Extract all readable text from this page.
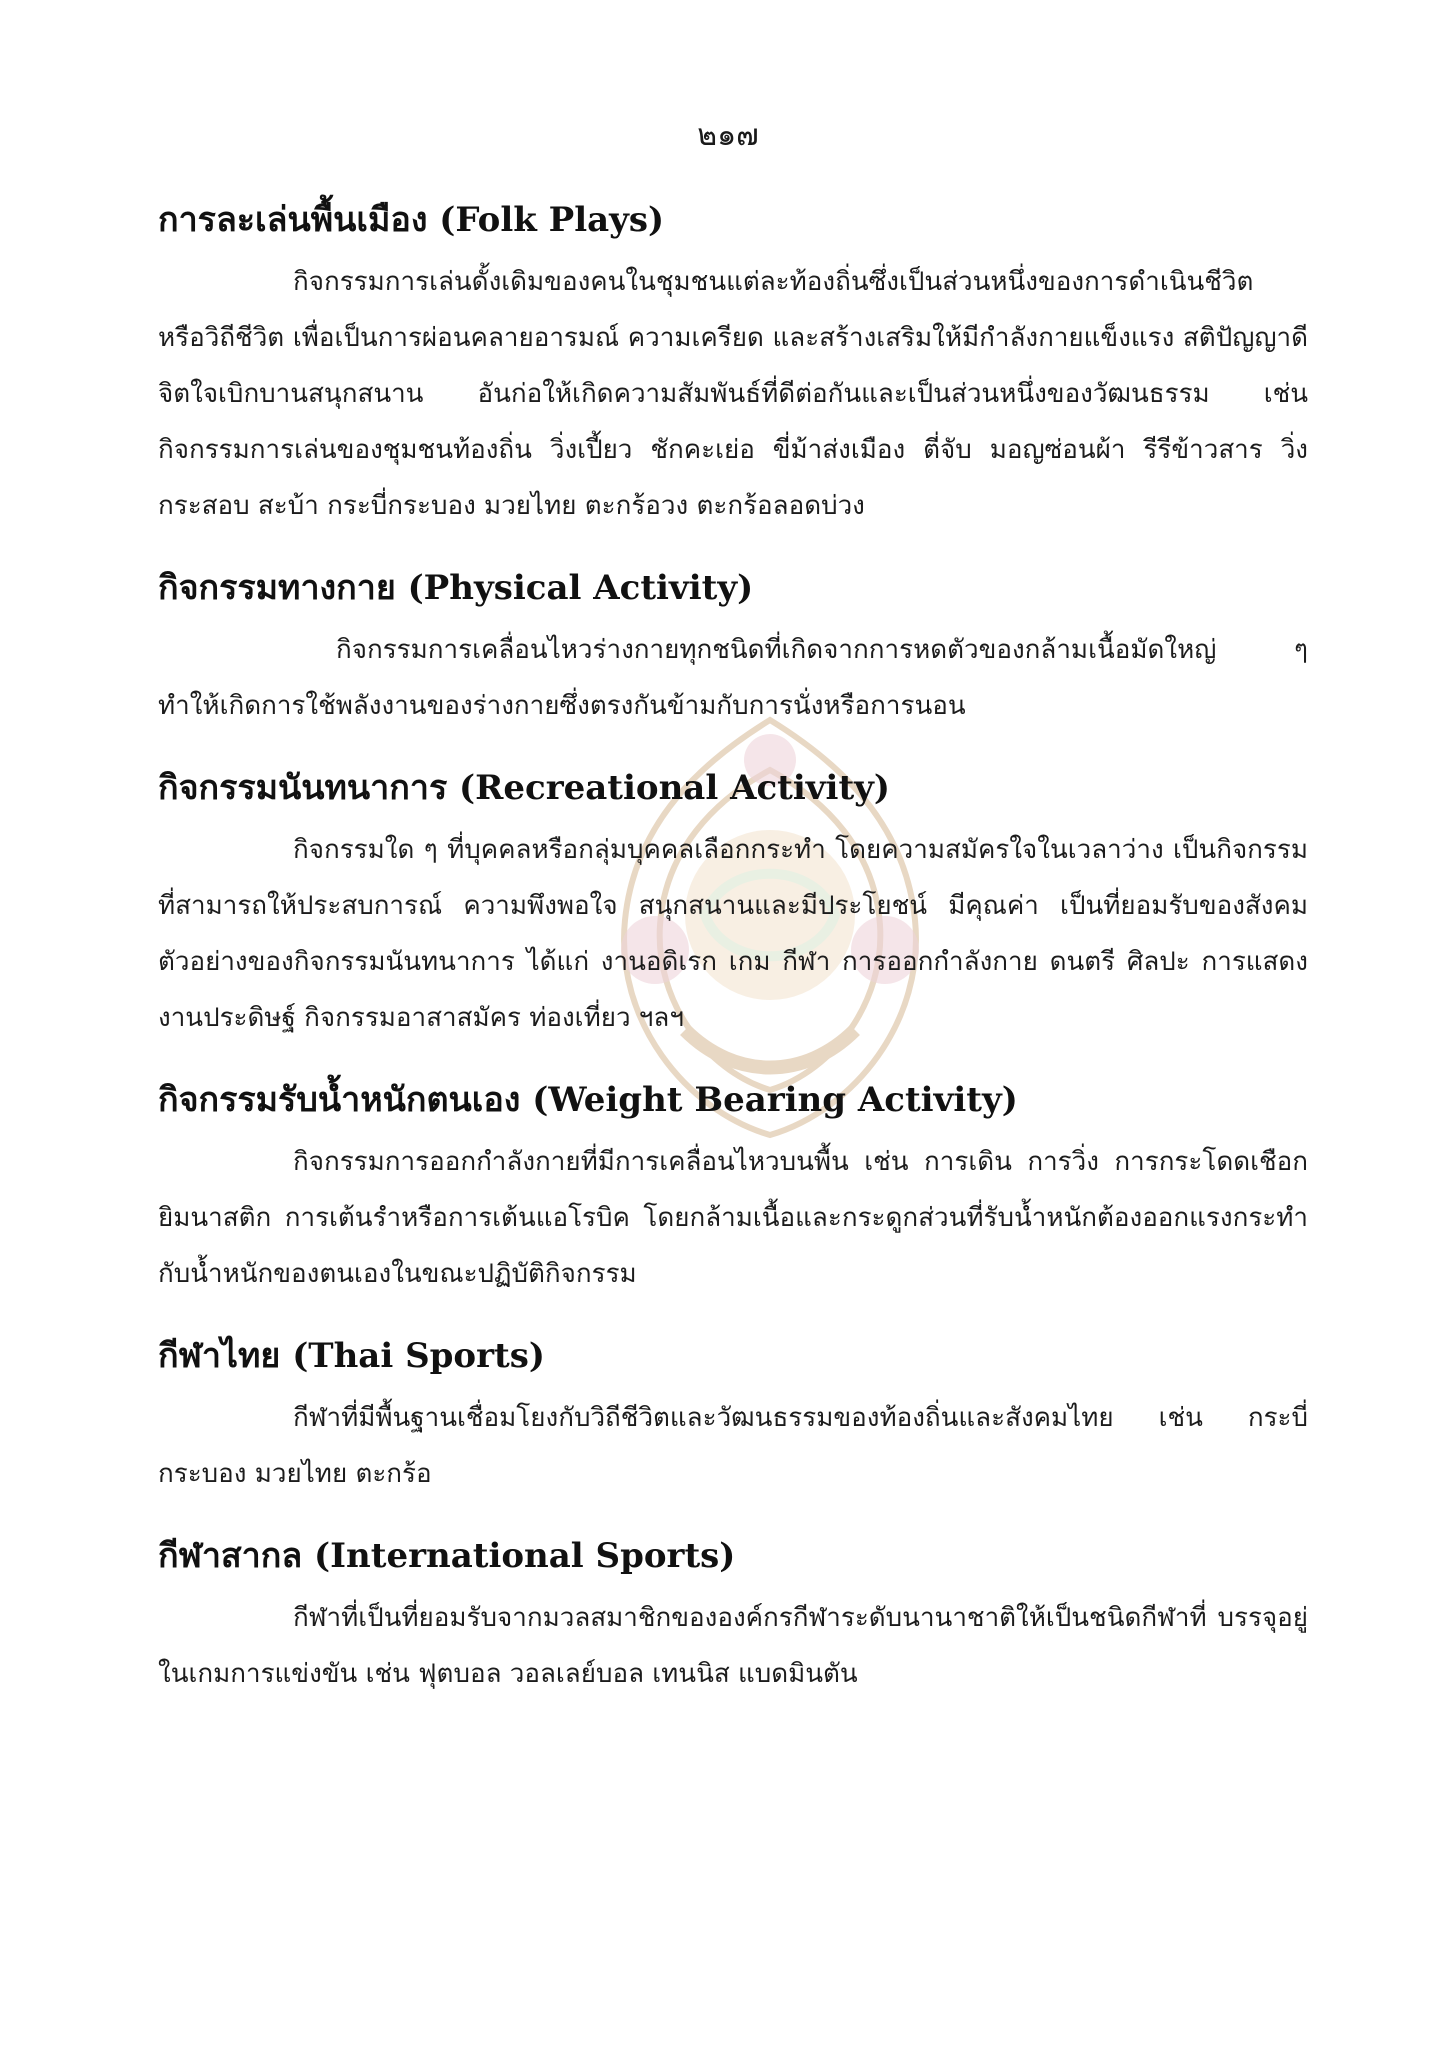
๒๑๗
การละเล่นพื้นเมือง (Folk Plays)

กิจกรรมการเล่นดั้งเดิมของคนในชุมชนแต่ละท้องถิ่นซึ่งเป็นส่วนหนึ่งของการดำเนินชีวิต หรือวิถีชีวิต เพื่อเป็นการผ่อนคลายอารมณ์ ความเครียด และสร้างเสริมให้มีกำลังกายแข็งแรง สติปัญญาดี จิตใจเบิกบานสนุกสนาน อันก่อให้เกิดความสัมพันธ์ที่ดีต่อกันและเป็นส่วนหนึ่งของวัฒนธรรม เช่น กิจกรรมการเล่นของชุมชนท้องถิ่น วิ่งเปี้ยว ชักคะเย่อ ขี่ม้าส่งเมือง ตี่จับ มอญซ่อนผ้า รีรีข้าวสาร วิ่งกระสอบ สะบ้า กระบี่กระบอง มวยไทย ตะกร้อวง ตะกร้อลอดบ่วง

กิจกรรมทางกาย (Physical Activity)

กิจกรรมการเคลื่อนไหวร่างกายทุกชนิดที่เกิดจากการหดตัวของกล้ามเนื้อมัดใหญ่ ๆ ทำให้เกิดการใช้พลังงานของร่างกายซึ่งตรงกันข้ามกับการนั่งหรือการนอน

กิจกรรมนันทนาการ (Recreational Activity)

กิจกรรมใด ๆ ที่บุคคลหรือกลุ่มบุคคลเลือกกระทำ โดยความสมัครใจในเวลาว่าง เป็นกิจกรรมที่สามารถให้ประสบการณ์ ความพึงพอใจ สนุกสนานและมีประโยชน์ มีคุณค่า เป็นที่ยอมรับของสังคม ตัวอย่างของกิจกรรมนันทนาการ ได้แก่ งานอดิเรก เกม กีฬา การออกกำลังกาย ดนตรี ศิลปะ การแสดง งานประดิษฐ์ กิจกรรมอาสาสมัคร ท่องเที่ยว ฯลฯ

กิจกรรมรับน้ำหนักตนเอง (Weight Bearing Activity)

กิจกรรมการออกกำลังกายที่มีการเคลื่อนไหวบนพื้น เช่น การเดิน การวิ่ง การกระโดดเชือก ยิมนาสติก การเต้นรำหรือการเต้นแอโรบิค โดยกล้ามเนื้อและกระดูกส่วนที่รับน้ำหนักต้องออกแรงกระทำกับน้ำหนักของตนเองในขณะปฏิบัติกิจกรรม

กีฬาไทย (Thai Sports)

กีฬาที่มีพื้นฐานเชื่อมโยงกับวิถีชีวิตและวัฒนธรรมของท้องถิ่นและสังคมไทย เช่น กระบี่กระบอง มวยไทย ตะกร้อ

กีฬาสากล (International Sports)

กีฬาที่เป็นที่ยอมรับจากมวลสมาชิกขององค์กรกีฬาระดับนานาชาติให้เป็นชนิดกีฬาที่ บรรจุอยู่ในเกมการแข่งขัน เช่น ฟุตบอล วอลเลย์บอล เทนนิส แบดมินตัน
